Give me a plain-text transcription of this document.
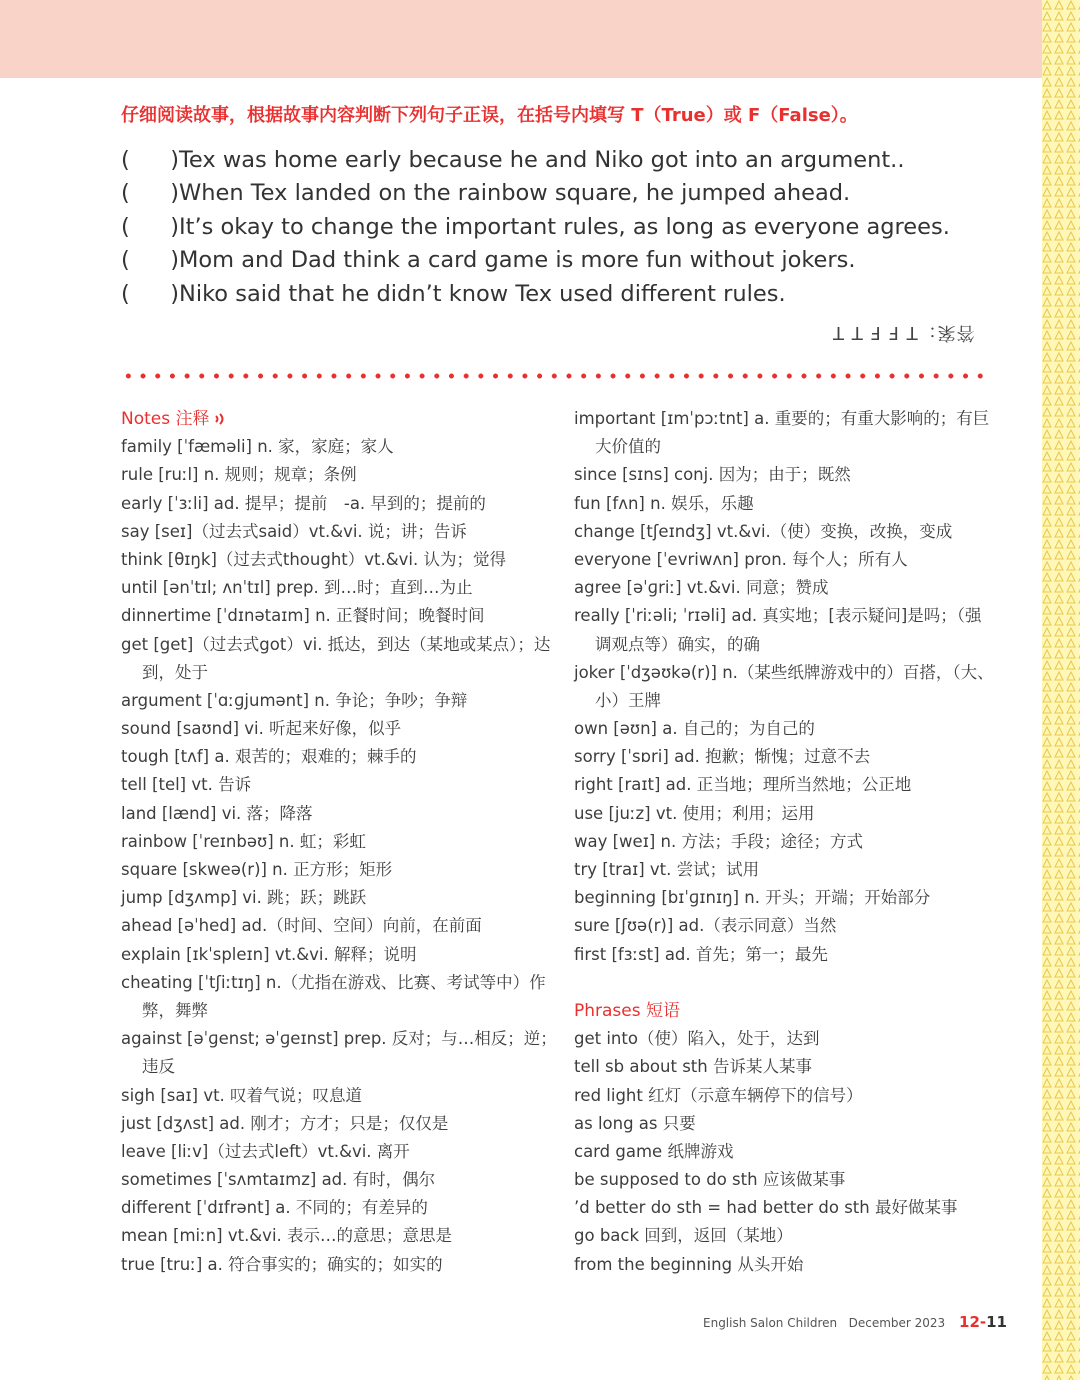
仔细阅读故事，根据故事内容判断下列句子正误，在括号内填写 T（True）或 F（False）。
( ) Tex was home early because he and Niko got into an argument..
( ) When Tex landed on the rainbow square, he jumped ahead.
( ) It’s okay to change the important rules, as long as everyone agrees.
( ) Mom and Dad think a card game is more fun without jokers.
( ) Niko said that he didn’t know Tex used different rules.
答案：T F F T T
Notes 注释
family [ˈfæməli] n. 家，家庭；家人
rule [ruːl] n. 规则；规章；条例
early [ˈɜːli] ad. 提早；提前　-a. 早到的；提前的
say [seɪ]（过去式said）vt.&vi. 说；讲；告诉
think [θɪŋk]（过去式thought）vt.&vi. 认为；觉得
until [ənˈtɪl; ʌnˈtɪl] prep. 到…时；直到…为止
dinnertime [ˈdɪnətaɪm] n. 正餐时间；晚餐时间
get [get]（过去式got）vi. 抵达，到达（某地或某点）；达
到，处于
argument [ˈɑːɡjumənt] n. 争论；争吵；争辩
sound [saʊnd] vi. 听起来好像，似乎
tough [tʌf] a. 艰苦的；艰难的；棘手的
tell [tel] vt. 告诉
land [lænd] vi. 落；降落
rainbow [ˈreɪnbəʊ] n. 虹；彩虹
square [skweə(r)] n. 正方形；矩形
jump [dʒʌmp] vi. 跳；跃；跳跃
ahead [əˈhed] ad.（时间、空间）向前，在前面
explain [ɪkˈspleɪn] vt.&vi. 解释；说明
cheating [ˈtʃiːtɪŋ] n.（尤指在游戏、比赛、考试等中）作
弊，舞弊
against [əˈɡenst; əˈɡeɪnst] prep. 反对；与…相反；逆；
违反
sigh [saɪ] vt. 叹着气说；叹息道
just [dʒʌst] ad. 刚才；方才；只是；仅仅是
leave [liːv]（过去式left）vt.&vi. 离开
sometimes [ˈsʌmtaɪmz] ad. 有时，偶尔
different [ˈdɪfrənt] a. 不同的；有差异的
mean [miːn] vt.&vi. 表示…的意思；意思是
true [truː] a. 符合事实的；确实的；如实的
important [ɪmˈpɔːtnt] a. 重要的；有重大影响的；有巨
大价值的
since [sɪns] conj. 因为；由于；既然
fun [fʌn] n. 娱乐，乐趣
change [tʃeɪndʒ] vt.&vi.（使）变换，改换，变成
everyone [ˈevriwʌn] pron. 每个人；所有人
agree [əˈɡriː] vt.&vi. 同意；赞成
really [ˈriːəli; ˈrɪəli] ad. 真实地；[表示疑问]是吗；（强
调观点等）确实，的确
joker [ˈdʒəʊkə(r)] n.（某些纸牌游戏中的）百搭，（大、
小）王牌
own [əʊn] a. 自己的；为自己的
sorry [ˈsɒri] ad. 抱歉；惭愧；过意不去
right [raɪt] ad. 正当地；理所当然地；公正地
use [juːz] vt. 使用；利用；运用
way [weɪ] n. 方法；手段；途径；方式
try [traɪ] vt. 尝试；试用
beginning [bɪˈɡɪnɪŋ] n. 开头；开端；开始部分
sure [ʃʊə(r)] ad.（表示同意）当然
first [fɜːst] ad. 首先；第一；最先
Phrases 短语
get into（使）陷入，处于，达到
tell sb about sth 告诉某人某事
red light 红灯（示意车辆停下的信号）
as long as 只要
card game 纸牌游戏
be supposed to do sth 应该做某事
’d better do sth = had better do sth 最好做某事
go back 回到，返回（某地）
from the beginning 从头开始
English Salon Children December 2023 12-11
